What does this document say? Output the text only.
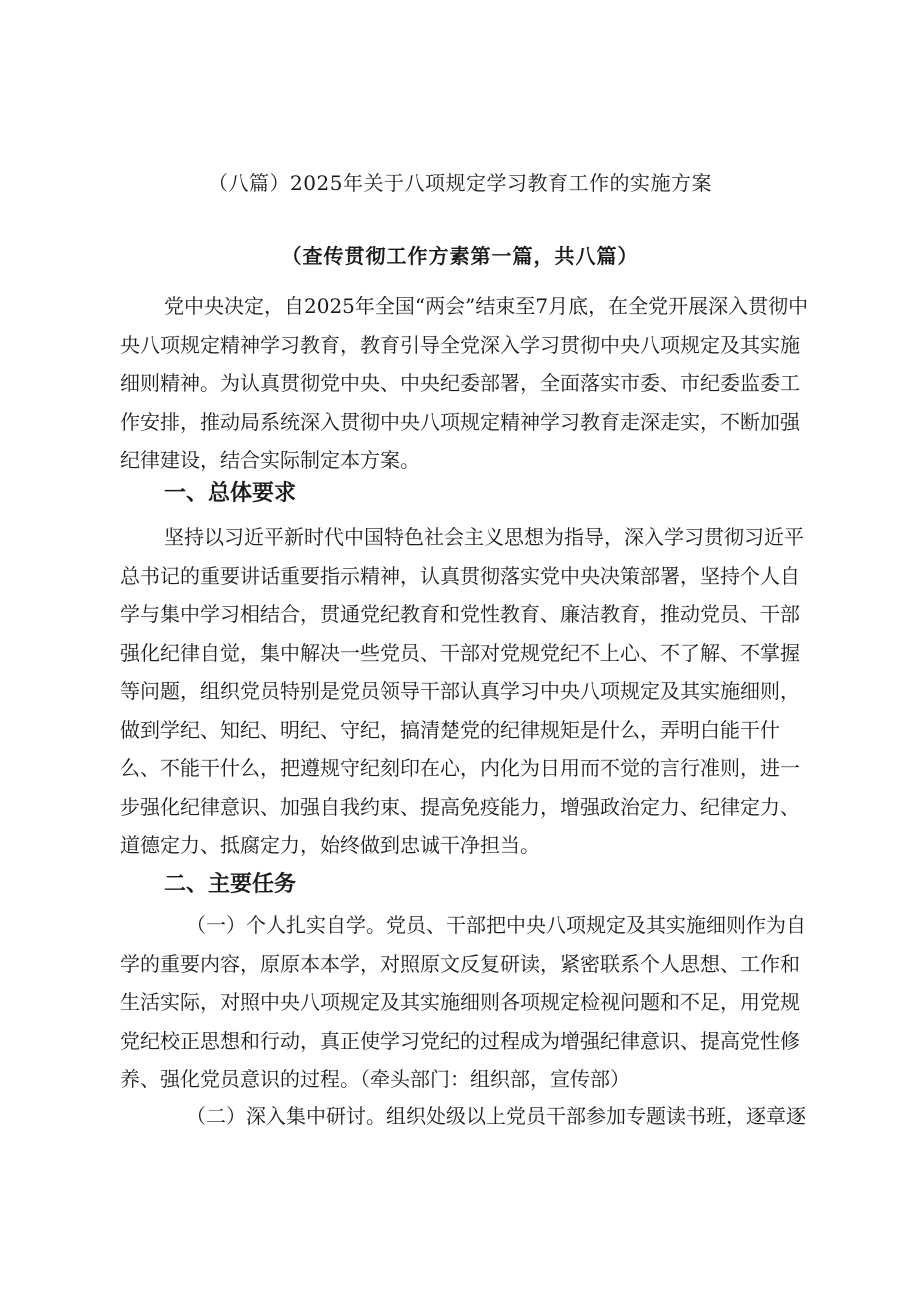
（八篇）2025年关于八项规定学习教育工作的实施方案
（查传贯彻工作方素第一篇，共八篇）

党中央决定，自2025年全国“两会”结束至7月底，在全党开展深入贯彻中央八项规定精神学习教育，教育引导全党深入学习贯彻中央八项规定及其实施细则精神。为认真贯彻党中央、中央纪委部署，全面落实市委、市纪委监委工作安排，推动局系统深入贯彻中央八项规定精神学习教育走深走实，不断加强纪律建设，结合实际制定本方案。

一、总体要求

坚持以习近平新时代中国特色社会主义思想为指导，深入学习贯彻习近平总书记的重要讲话重要指示精神，认真贯彻落实党中央决策部署，坚持个人自学与集中学习相结合，贯通党纪教育和党性教育、廉洁教育，推动党员、干部强化纪律自觉，集中解决一些党员、干部对党规党纪不上心、不了解、不掌握等问题，组织党员特别是党员领导干部认真学习中央八项规定及其实施细则，做到学纪、知纪、明纪、守纪，搞清楚党的纪律规矩是什么，弄明白能干什么、不能干什么，把遵规守纪刻印在心，内化为日用而不觉的言行准则，进一步强化纪律意识、加强自我约束、提高免疫能力，增强政治定力、纪律定力、道德定力、抵腐定力，始终做到忠诚干净担当。

二、主要任务

（一）个人扎实自学。党员、干部把中央八项规定及其实施细则作为自学的重要内容，原原本本学，对照原文反复研读，紧密联系个人思想、工作和生活实际，对照中央八项规定及其实施细则各项规定检视问题和不足，用党规党纪校正思想和行动，真正使学习党纪的过程成为增强纪律意识、提高党性修养、强化党员意识的过程。（牵头部门：组织部，宣传部）

（二）深入集中研讨。组织处级以上党员干部参加专题读书班，逐章逐
